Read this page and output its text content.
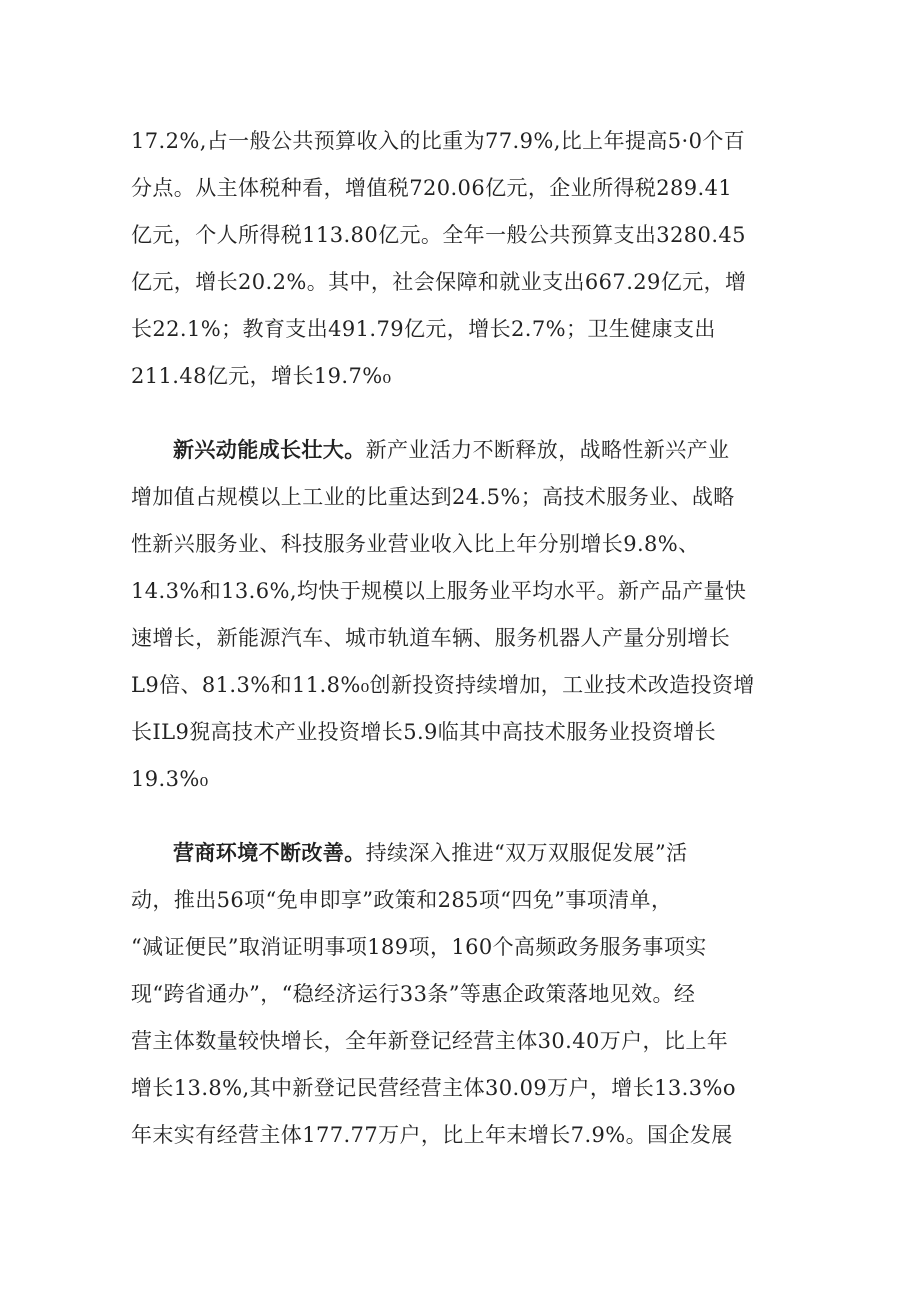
17.2%,占一般公共预算收入的比重为77.9%,比上年提高5·0个百
分点。从主体税种看，增值税720.06亿元，企业所得税289.41
亿元，个人所得税113.80亿元。全年一般公共预算支出3280.45
亿元，增长20.2%。其中，社会保障和就业支出667.29亿元，增
长22.1%；教育支出491.79亿元，增长2.7%；卫生健康支出
211.48亿元，增长19.7%₀

新兴动能成长壮大。新产业活力不断释放，战略性新兴产业
增加值占规模以上工业的比重达到24.5%；高技术服务业、战略
性新兴服务业、科技服务业营业收入比上年分别增长9.8%、
14.3%和13.6%,均快于规模以上服务业平均水平。新产品产量快
速增长，新能源汽车、城市轨道车辆、服务机器人产量分别增长
L9倍、81.3%和11.8%₀创新投资持续增加，工业技术改造投资增
长IL9猊高技术产业投资增长5.9临其中高技术服务业投资增长
19.3%₀

营商环境不断改善。持续深入推进“双万双服促发展”活
动，推出56项“免申即享”政策和285项“四免”事项清单，
“减证便民”取消证明事项189项，160个高频政务服务事项实
现“跨省通办”，“稳经济运行33条”等惠企政策落地见效。经
营主体数量较快增长，全年新登记经营主体30.40万户，比上年
增长13.8%,其中新登记民营经营主体30.09万户，增长13.3%o
年末实有经营主体177.77万户，比上年末增长7.9%。国企发展
